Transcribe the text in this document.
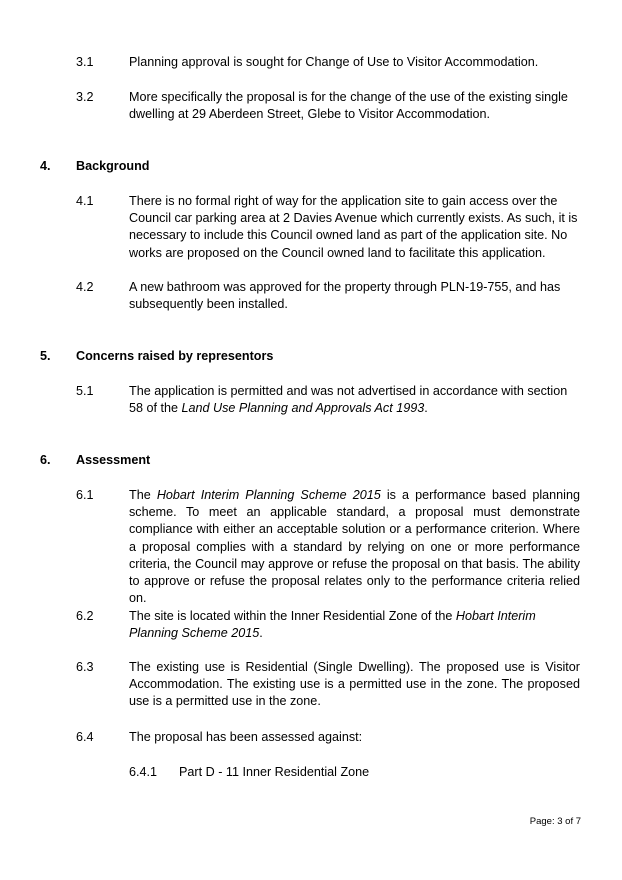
3.1	Planning approval is sought for Change of Use to Visitor Accommodation.
3.2	More specifically the proposal is for the change of the use of the existing single dwelling at 29 Aberdeen Street, Glebe to Visitor Accommodation.
4.	Background
4.1	There is no formal right of way for the application site to gain access over the Council car parking area at 2 Davies Avenue which currently exists. As such, it is necessary to include this Council owned land as part of the application site. No works are proposed on the Council owned land to facilitate this application.
4.2	A new bathroom was approved for the property through PLN-19-755, and has subsequently been installed.
5.	Concerns raised by representors
5.1	The application is permitted and was not advertised in accordance with section 58 of the Land Use Planning and Approvals Act 1993.
6.	Assessment
6.1	The Hobart Interim Planning Scheme 2015 is a performance based planning scheme. To meet an applicable standard, a proposal must demonstrate compliance with either an acceptable solution or a performance criterion. Where a proposal complies with a standard by relying on one or more performance criteria, the Council may approve or refuse the proposal on that basis. The ability to approve or refuse the proposal relates only to the performance criteria relied on.
6.2	The site is located within the Inner Residential Zone of the Hobart Interim Planning Scheme 2015.
6.3	The existing use is Residential (Single Dwelling). The proposed use is Visitor Accommodation. The existing use is a permitted use in the zone. The proposed use is a permitted use in the zone.
6.4	The proposal has been assessed against:
6.4.1	Part D - 11 Inner Residential Zone
Page: 3 of 7
